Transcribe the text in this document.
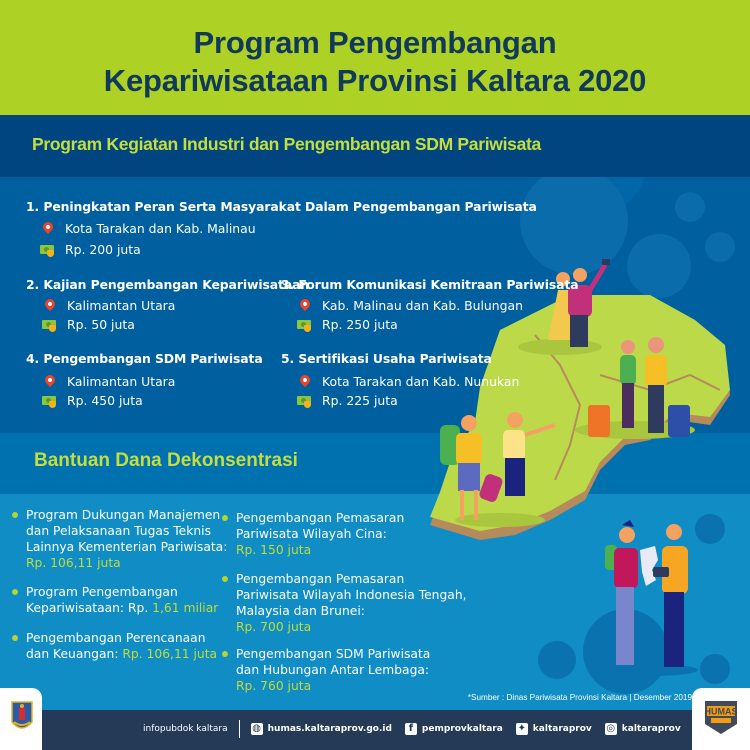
Program Pengembangan
Kepariwisataan Provinsi Kaltara 2020
Program Kegiatan Industri dan Pengembangan SDM Pariwisata
Bantuan Dana Dekonsentrasi
1. Peningkatan Peran Serta Masyarakat Dalam Pengembangan Pariwisata
Kota Tarakan dan Kab. Malinau
Rp. 200 juta
2. Kajian Pengembangan Kepariwisataan
Kalimantan Utara
Rp. 50 juta
3. Forum Komunikasi Kemitraan Pariwisata
Kab. Malinau dan Kab. Bulungan
Rp. 250 juta
4. Pengembangan SDM Pariwisata
Kalimantan Utara
Rp. 450 juta
5. Sertifikasi Usaha Pariwisata
Kota Tarakan dan Kab. Nunukan
Rp. 225 juta
Program Dukungan Manajemen
dan Pelaksanaan Tugas Teknis
Lainnya Kementerian Pariwisata:
Rp. 106,11 juta
Program Pengembangan
Kepariwisataan: Rp. 1,61 miliar
Pengembangan Perencanaan
dan Keuangan: Rp. 106,11 juta
Pengembangan Pemasaran
Pariwisata Wilayah Cina:
Rp. 150 juta
Pengembangan Pemasaran
Pariwisata Wilayah Indonesia Tengah,
Malaysia dan Brunei:
Rp. 700 juta
Pengembangan SDM Pariwisata
dan Hubungan Antar Lembaga:
Rp. 760 juta
*Sumber : Dinas Pariwisata Provinsi Kaltara | Desember 2019
HUMAS
infopubdok kaltara ◍ humas.kaltaraprov.go.id	f pemprovkaltara ✦ kaltaraprov ◎ kaltaraprov
